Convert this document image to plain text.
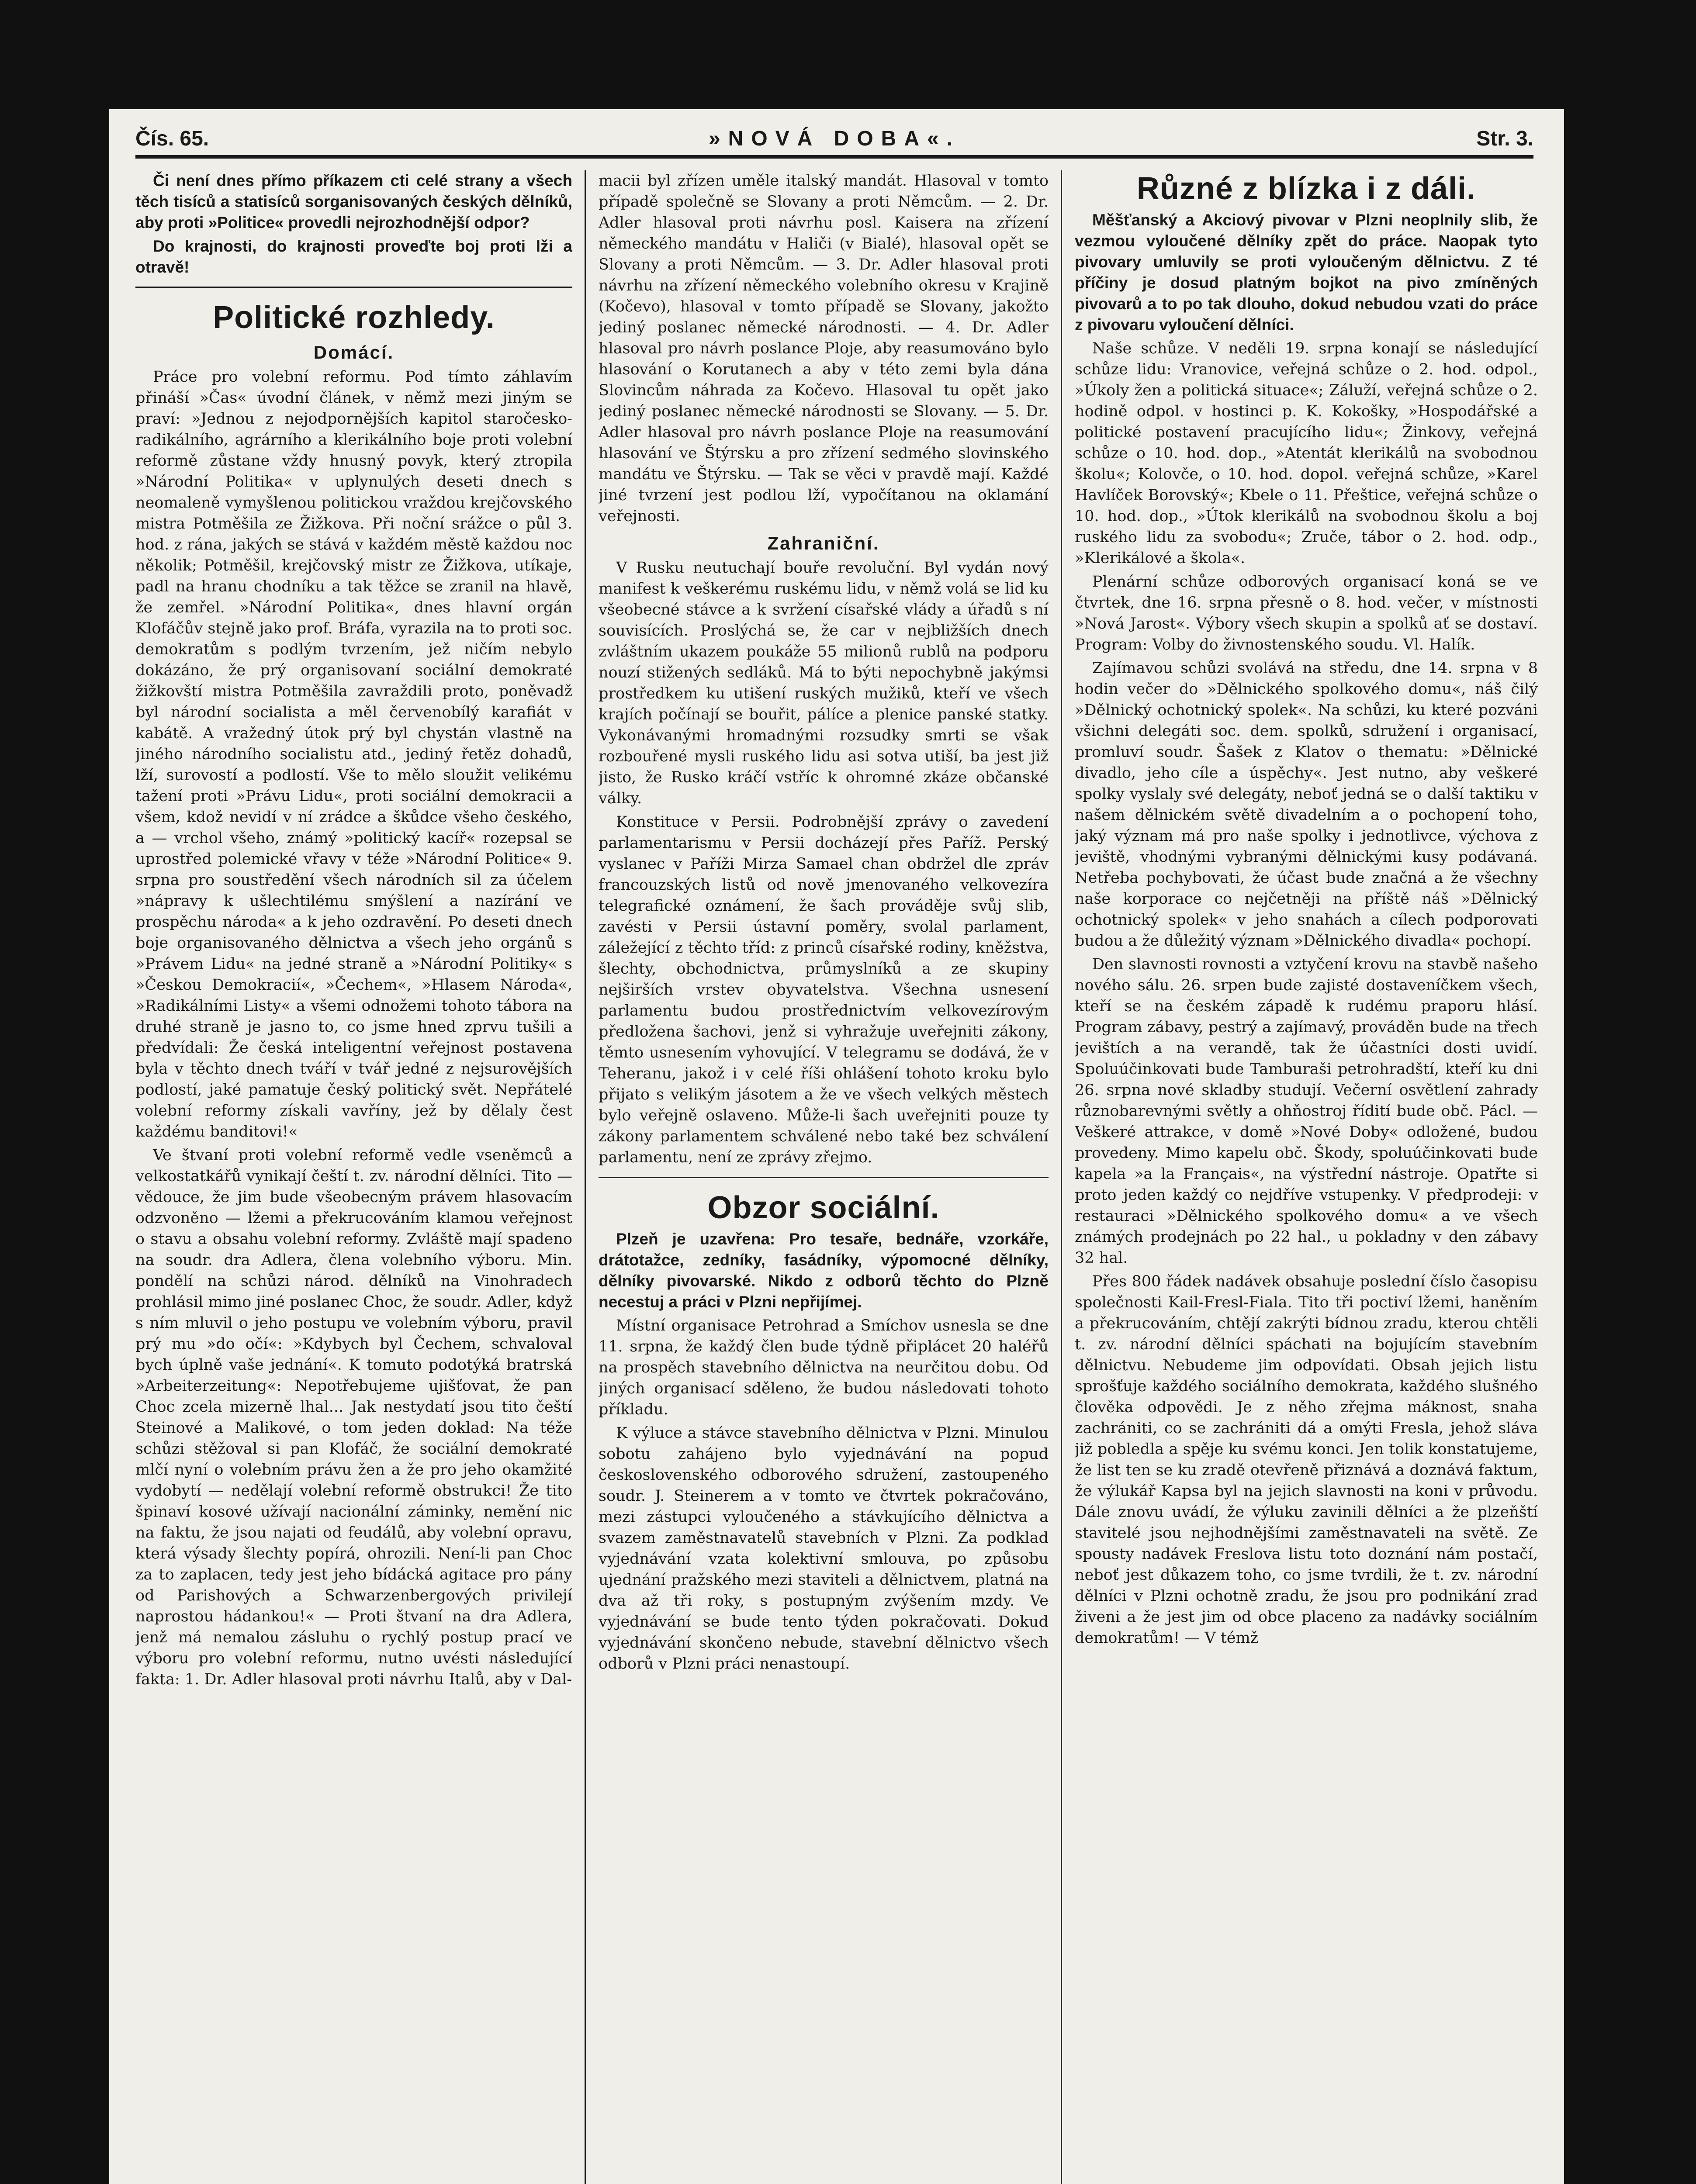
Čís. 65.	»NOVÁ DOBA«.	Str. 3.

Či není dnes přímo příkazem cti celé strany a všech těch tisíců a statisíců sorganisovaných českých dělníků, aby proti »Politice« provedli nejrozhodnější odpor?

Do krajnosti, do krajnosti proveďte boj proti lži a otravě!

Politické rozhledy.
Domácí.

Práce pro volební reformu. Pod tímto záhlavím přináší »Čas« úvodní článek, v němž mezi jiným se praví: »Jednou z nejodpornějších kapitol staročesko-radikálního, agrárního a klerikálního boje proti volební reformě zůstane vždy hnusný povyk, který ztropila »Národní Politika« v uplynulých deseti dnech s neomaleně vymyšlenou politickou vraždou krejčovského mistra Potměšila ze Žižkova. Při noční srážce o půl 3. hod. z rána, jakých se stává v každém městě každou noc několik; Potměšil, krejčovský mistr ze Žižkova, utíkaje, padl na hranu chodníku a tak těžce se zranil na hlavě, že zemřel. »Národní Politika«, dnes hlavní orgán Klofáčův stejně jako prof. Bráfa, vyrazila na to proti soc. demokratům s podlým tvrzením, jež ničím nebylo dokázáno, že prý organisovaní sociální demokraté žižkovští mistra Potměšila zavraždili proto, poněvadž byl národní socialista a měl červenobílý karafiát v kabátě. A vražedný útok prý byl chystán vlastně na jiného národního socialistu atd., jediný řetěz dohadů, lží, surovostí a podlostí. Vše to mělo sloužit velikému tažení proti »Právu Lidu«, proti sociální demokracii a všem, kdož nevidí v ní zrádce a škůdce všeho českého, a — vrchol všeho, známý »politický kacíř« rozepsal se uprostřed polemické vřavy v téže »Národní Politice« 9. srpna pro soustředění všech národních sil za účelem »nápravy k ušlechtilému smýšlení a nazírání ve prospěchu národa« a k jeho ozdravění. Po deseti dnech boje organisovaného dělnictva a všech jeho orgánů s »Právem Lidu« na jedné straně a »Národní Politiky« s »Českou Demokracií«, »Čechem«, »Hlasem Národa«, »Radikálními Listy« a všemi odnožemi tohoto tábora na druhé straně je jasno to, co jsme hned zprvu tušili a předvídali: Že česká inteligentní veřejnost postavena byla v těchto dnech tváří v tvář jedné z nejsurovějších podlostí, jaké pamatuje český politický svět. Nepřátelé volební reformy získali vavříny, jež by dělaly čest každému banditovi!«

Ve štvaní proti volební reformě vedle vseněmců a velkostatkářů vynikají čeští t. zv. národní dělníci. Tito — vědouce, že jim bude všeobecným právem hlasovacím odzvoněno — lžemi a překrucováním klamou veřejnost o stavu a obsahu volební reformy. Zvláště mají spadeno na soudr. dra Adlera, člena volebního výboru. Min. pondělí na schůzi národ. dělníků na Vinohradech prohlásil mimo jiné poslanec Choc, že soudr. Adler, když s ním mluvil o jeho postupu ve volebním výboru, pravil prý mu »do očí«: »Kdybych byl Čechem, schvaloval bych úplně vaše jednání«. K tomuto podotýká bratrská »Arbeiterzeitung«: Nepotřebujeme ujišťovat, že pan Choc zcela mizerně lhal... Jak nestydatí jsou tito čeští Steinové a Malikové, o tom jeden doklad: Na téže schůzi stěžoval si pan Klofáč, že sociální demokraté mlčí nyní o volebním právu žen a že pro jeho okamžité vydobytí — nedělají volební reformě obstrukci! Že tito špinaví kosové užívají nacionální záminky, nemění nic na faktu, že jsou najati od feudálů, aby volební opravu, která výsady šlechty popírá, ohrozili. Není-li pan Choc za to zaplacen, tedy jest jeho bídácká agitace pro pány od Parishových a Schwarzenbergových privilejí naprostou hádankou!« — Proti štvaní na dra Adlera, jenž má nemalou zásluhu o rychlý postup prací ve výboru pro volební reformu, nutno uvésti následující fakta: 1. Dr. Adler hlasoval proti návrhu Italů, aby v Dal-

macii byl zřízen uměle italský mandát. Hlasoval v tomto případě společně se Slovany a proti Němcům. — 2. Dr. Adler hlasoval proti návrhu posl. Kaisera na zřízení německého mandátu v Haliči (v Bialé), hlasoval opět se Slovany a proti Němcům. — 3. Dr. Adler hlasoval proti návrhu na zřízení německého volebního okresu v Krajině (Kočevo), hlasoval v tomto případě se Slovany, jakožto jediný poslanec německé národnosti. — 4. Dr. Adler hlasoval pro návrh poslance Ploje, aby reasumováno bylo hlasování o Korutanech a aby v této zemi byla dána Slovincům náhrada za Kočevo. Hlasoval tu opět jako jediný poslanec německé národnosti se Slovany. — 5. Dr. Adler hlasoval pro návrh poslance Ploje na reasumování hlasování ve Štýrsku a pro zřízení sedmého slovinského mandátu ve Štýrsku. — Tak se věci v pravdě mají. Každé jiné tvrzení jest podlou lží, vypočítanou na oklamání veřejnosti.

Zahraniční.

V Rusku neutuchají bouře revoluční. Byl vydán nový manifest k veškerému ruskému lidu, v němž volá se lid ku všeobecné stávce a k svržení císařské vlády a úřadů s ní souvisících. Proslýchá se, že car v nejbližších dnech zvláštním ukazem poukáže 55 milionů rublů na podporu nouzí stižených sedláků. Má to býti nepochybně jakýmsi prostředkem ku utišení ruských mužiků, kteří ve všech krajích počínají se bouřit, pálíce a plenice panské statky. Vykonávanými hromadnými rozsudky smrti se však rozbouřené mysli ruského lidu asi sotva utiší, ba jest již jisto, že Rusko kráčí vstříc k ohromné zkáze občanské války.

Konstituce v Persii. Podrobnější zprávy o zavedení parlamentarismu v Persii docházejí přes Paříž. Perský vyslanec v Paříži Mirza Samael chan obdržel dle zpráv francouzských listů od nově jmenovaného velkovezíra telegrafické oznámení, že šach prováděje svůj slib, zavésti v Persii ústavní poměry, svolal parlament, záležející z těchto tříd: z princů císařské rodiny, kněžstva, šlechty, obchodnictva, průmyslníků a ze skupiny nejširších vrstev obyvatelstva. Všechna usnesení parlamentu budou prostřednictvím velkovezírovým předložena šachovi, jenž si vyhražuje uveřejniti zákony, těmto usnesením vyhovující. V telegramu se dodává, že v Teheranu, jakož i v celé říši ohlášení tohoto kroku bylo přijato s velikým jásotem a že ve všech velkých městech bylo veřejně oslaveno. Může-li šach uveřejniti pouze ty zákony parlamentem schválené nebo také bez schválení parlamentu, není ze zprávy zřejmo.

Obzor sociální.

Plzeň je uzavřena: Pro tesaře, bednáře, vzorkáře, drátotažce, zedníky, fasádníky, výpomocné dělníky, dělníky pivovarské. Nikdo z odborů těchto do Plzně necestuj a práci v Plzni nepřijímej.

Místní organisace Petrohrad a Smíchov usnesla se dne 11. srpna, že každý člen bude týdně připlácet 20 haléřů na prospěch stavebního dělnictva na neurčitou dobu. Od jiných organisací sděleno, že budou následovati tohoto příkladu.

K výluce a stávce stavebního dělnictva v Plzni. Minulou sobotu zahájeno bylo vyjednávání na popud československého odborového sdružení, zastoupeného soudr. J. Steinerem a v tomto ve čtvrtek pokračováno, mezi zástupci vyloučeného a stávkujícího dělnictva a svazem zaměstnavatelů stavebních v Plzni. Za podklad vyjednávání vzata kolektivní smlouva, po způsobu ujednání pražského mezi staviteli a dělnictvem, platná na dva až tři roky, s postupným zvýšením mzdy. Ve vyjednávání se bude tento týden pokračovati. Dokud vyjednávání skončeno nebude, stavební dělnictvo všech odborů v Plzni práci nenastoupí.

Různé z blízka i z dáli.

Měšťanský a Akciový pivovar v Plzni neoplnily slib, že vezmou vyloučené dělníky zpět do práce. Naopak tyto pivovary umluvily se proti vyloučeným dělnictvu. Z té příčiny je dosud platným bojkot na pivo zmíněných pivovarů a to po tak dlouho, dokud nebudou vzati do práce z pivovaru vyloučení dělníci.

Naše schůze. V neděli 19. srpna konají se následující schůze lidu: Vranovice, veřejná schůze o 2. hod. odpol., »Úkoly žen a politická situace«; Záluží, veřejná schůze o 2. hodině odpol. v hostinci p. K. Kokošky, »Hospodářské a politické postavení pracujícího lidu«; Žinkovy, veřejná schůze o 10. hod. dop., »Atentát klerikálů na svobodnou školu«; Kolovče, o 10. hod. dopol. veřejná schůze, »Karel Havlíček Borovský«; Kbele o 11. Přeštice, veřejná schůze o 10. hod. dop., »Útok klerikálů na svobodnou školu a boj ruského lidu za svobodu«; Zruče, tábor o 2. hod. odp., »Klerikálové a škola«.

Plenární schůze odborových organisací koná se ve čtvrtek, dne 16. srpna přesně o 8. hod. večer, v místnosti »Nová Jarost«. Výbory všech skupin a spolků ať se dostaví. Program: Volby do živnostenského soudu. Vl. Halík.

Zajímavou schůzi svolává na středu, dne 14. srpna v 8 hodin večer do »Dělnického spolkového domu«, náš čilý »Dělnický ochotnický spolek«. Na schůzi, ku které pozváni všichni delegáti soc. dem. spolků, sdružení i organisací, promluví soudr. Šašek z Klatov o thematu: »Dělnické divadlo, jeho cíle a úspěchy«. Jest nutno, aby veškeré spolky vyslaly své delegáty, neboť jedná se o další taktiku v našem dělnickém světě divadelním a o pochopení toho, jaký význam má pro naše spolky i jednotlivce, výchova z jeviště, vhodnými vybranými dělnickými kusy podávaná. Netřeba pochybovati, že účast bude značná a že všechny naše korporace co nejčetněji na příště náš »Dělnický ochotnický spolek« v jeho snahách a cílech podporovati budou a že důležitý význam »Dělnického divadla« pochopí.

Den slavnosti rovnosti a vztyčení krovu na stavbě našeho nového sálu. 26. srpen bude zajisté dostaveníčkem všech, kteří se na českém západě k rudému praporu hlásí. Program zábavy, pestrý a zajímavý, prováděn bude na třech jevištích a na verandě, tak že účastníci dosti uvidí. Spoluúčinkovati bude Tamburaši petrohradští, kteří ku dni 26. srpna nové skladby studují. Večerní osvětlení zahrady různobarevnými světly a ohňostroj řídití bude obč. Pácl. — Veškeré attrakce, v domě »Nové Doby« odložené, budou provedeny. Mimo kapelu obč. Škody, spoluúčinkovati bude kapela »a la Français«, na výstřední nástroje. Opatřte si proto jeden každý co nejdříve vstupenky. V předprodeji: v restauraci »Dělnického spolkového domu« a ve všech známých prodejnách po 22 hal., u pokladny v den zábavy 32 hal.

Přes 800 řádek nadávek obsahuje poslední číslo časopisu společnosti Kail-Fresl-Fiala. Tito tři poctiví lžemi, haněním a překrucováním, chtějí zakrýti bídnou zradu, kterou chtěli t. zv. národní dělníci spáchati na bojujícím stavebním dělnictvu. Nebudeme jim odpovídati. Obsah jejich listu sprošťuje každého sociálního demokrata, každého slušného člověka odpovědi. Je z něho zřejma máknost, snaha zachrániti, co se zachrániti dá a omýti Fresla, jehož sláva již pobledla a spěje ku svému konci. Jen tolik konstatujeme, že list ten se ku zradě otevřeně přiznává a doznává faktum, že výlukář Kapsa byl na jejich slavnosti na koni v průvodu. Dále znovu uvádí, že výluku zavinili dělníci a že plzeňští stavitelé jsou nejhodnějšími zaměstnavateli na světě. Ze spousty nadávek Freslova listu toto doznání nám postačí, neboť jest důkazem toho, co jsme tvrdili, že t. zv. národní dělníci v Plzni ochotně zradu, že jsou pro podnikání zrad živeni a že jest jim od obce placeno za nadávky sociálním demokratům! — V témž
